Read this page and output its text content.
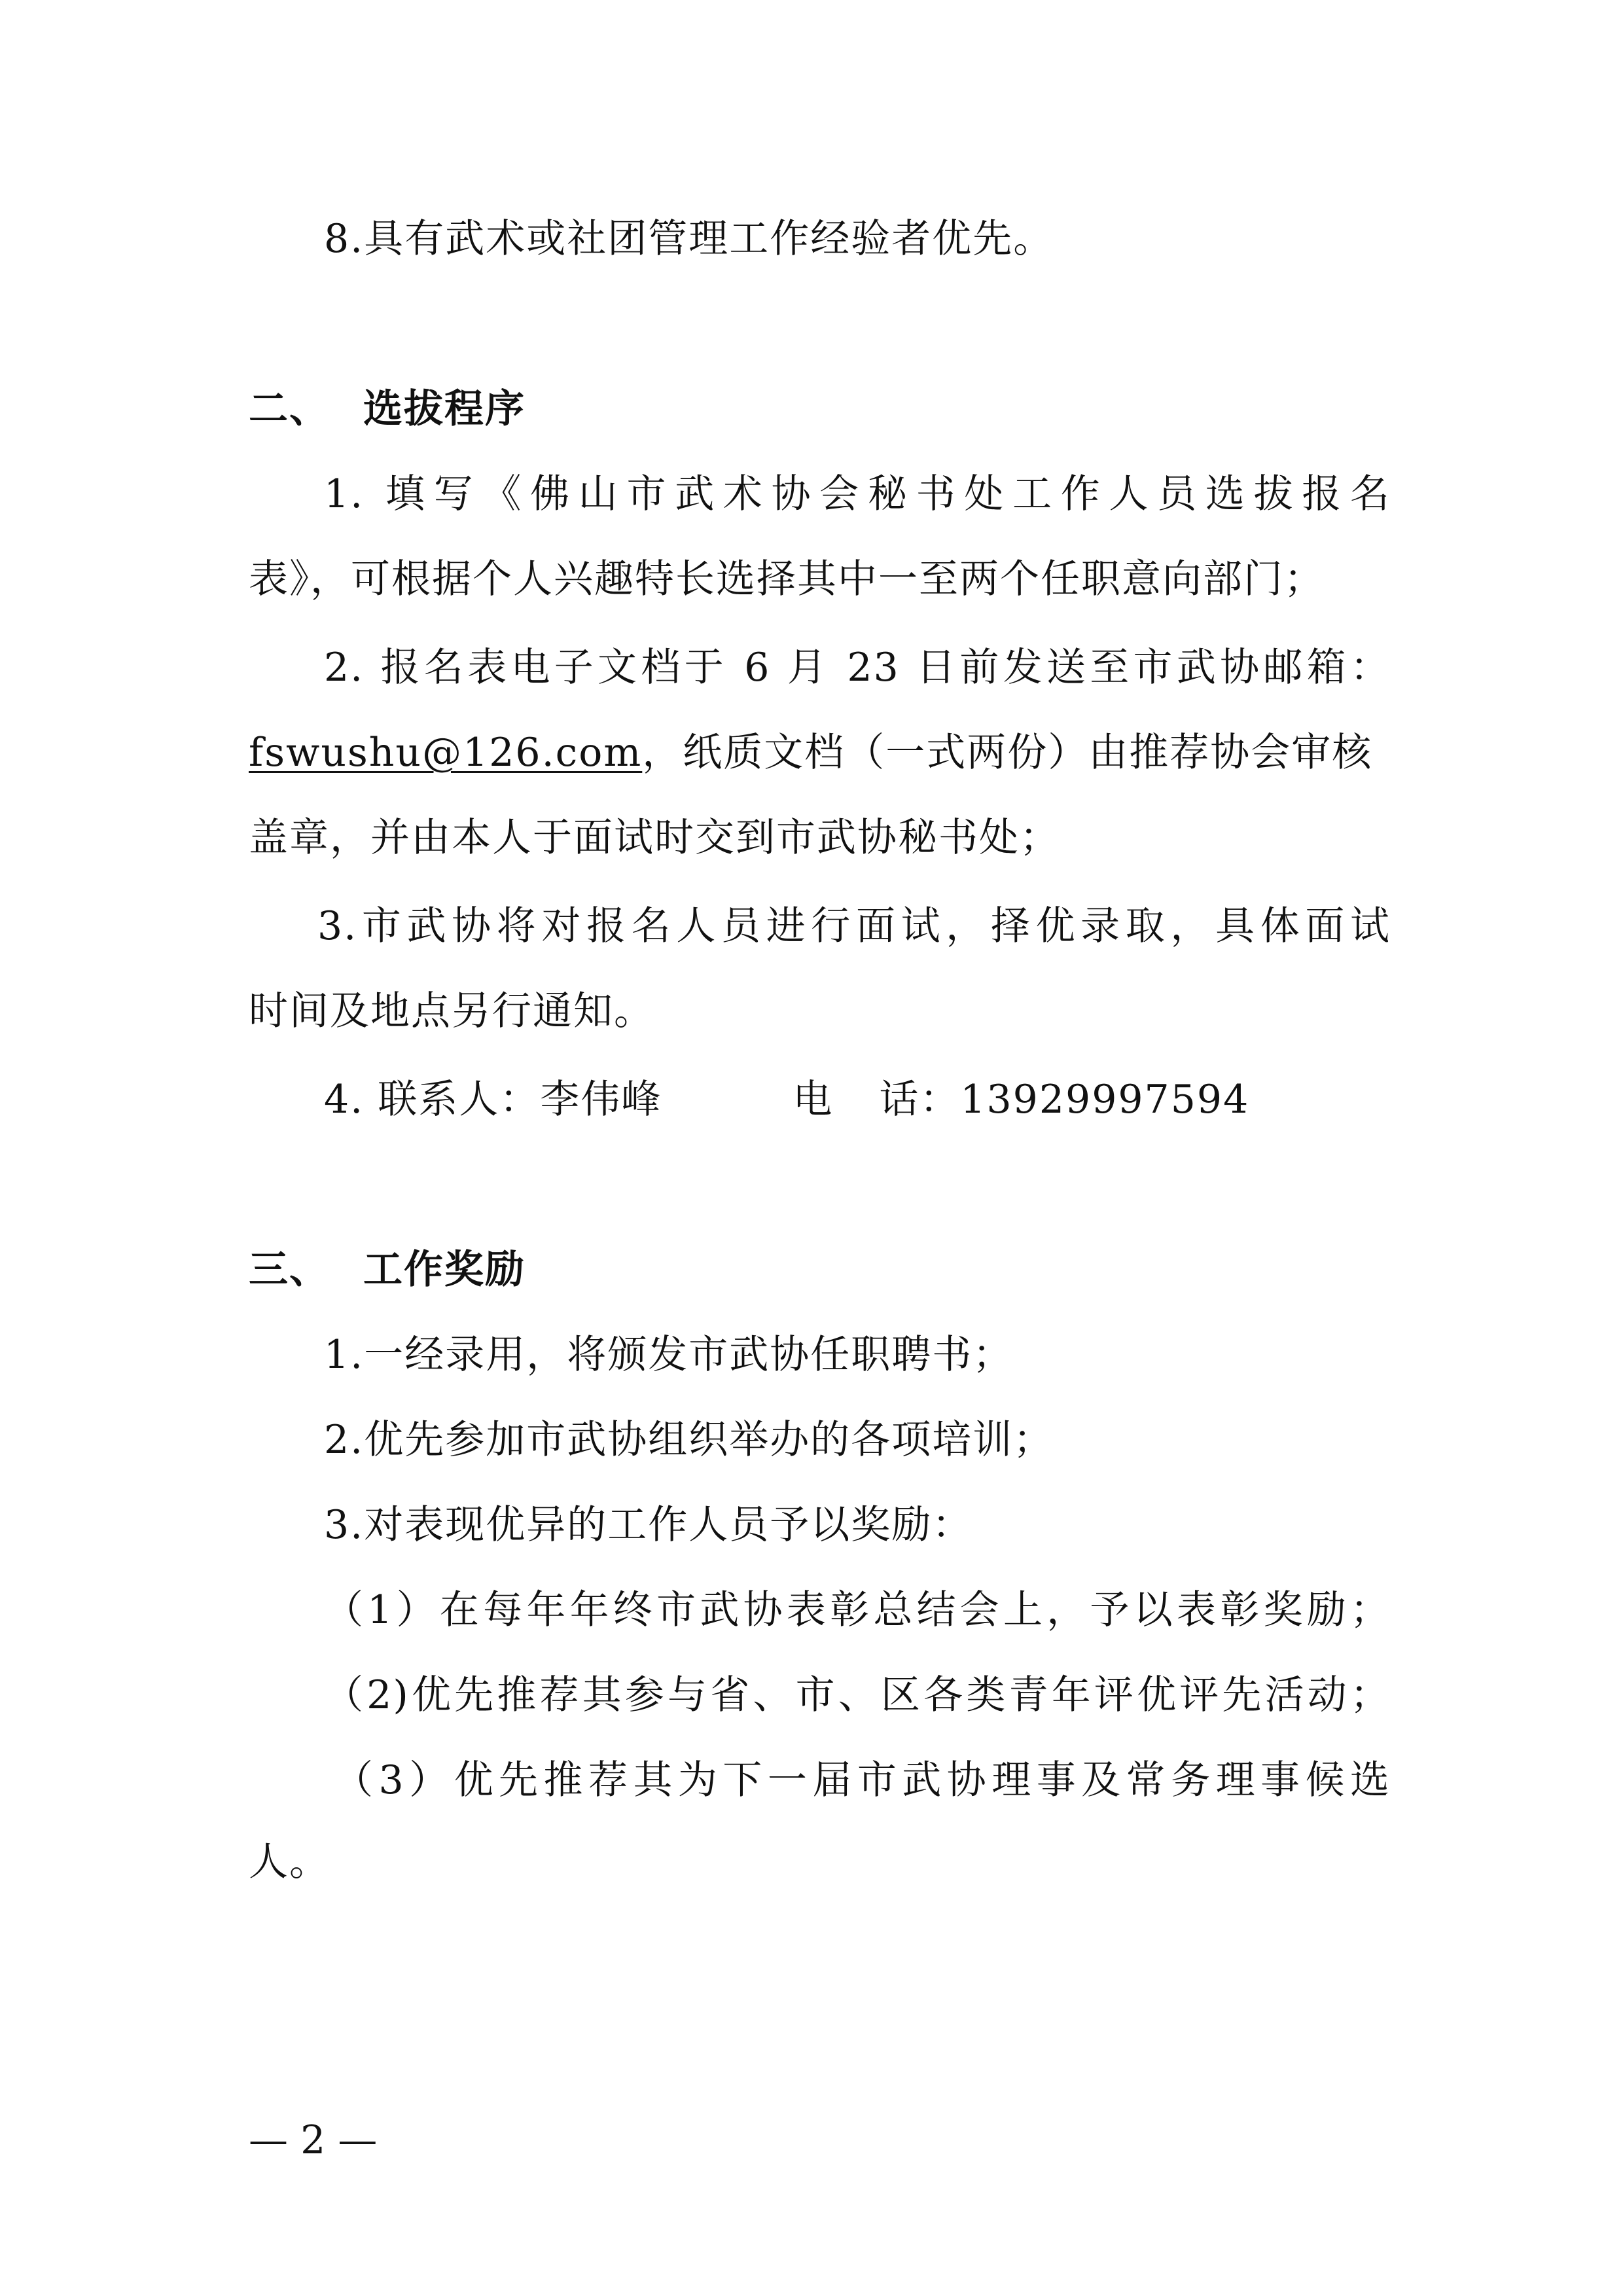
8.具有武术或社团管理工作经验者优先。
二、 选拔程序
1. 填写《佛山市武术协会秘书处工作人员选拔报名
表》，可根据个人兴趣特长选择其中一至两个任职意向部门；
2. 报名表电子文档于 6 月 23 日前发送至市武协邮箱：
fswushu@126.com，纸质文档（一式两份）由推荐协会审核
盖章，并由本人于面试时交到市武协秘书处；
3.市武协将对报名人员进行面试，择优录取，具体面试
时间及地点另行通知。
4. 联系人：李伟峰	电 话：13929997594
三、 工作奖励
1.一经录用，将颁发市武协任职聘书；
2.优先参加市武协组织举办的各项培训；
3.对表现优异的工作人员予以奖励：
（1）在每年年终市武协表彰总结会上，予以表彰奖励；
（2)优先推荐其参与省、市、区各类青年评优评先活动；
（3）优先推荐其为下一届市武协理事及常务理事候选
人。
— 2 —
